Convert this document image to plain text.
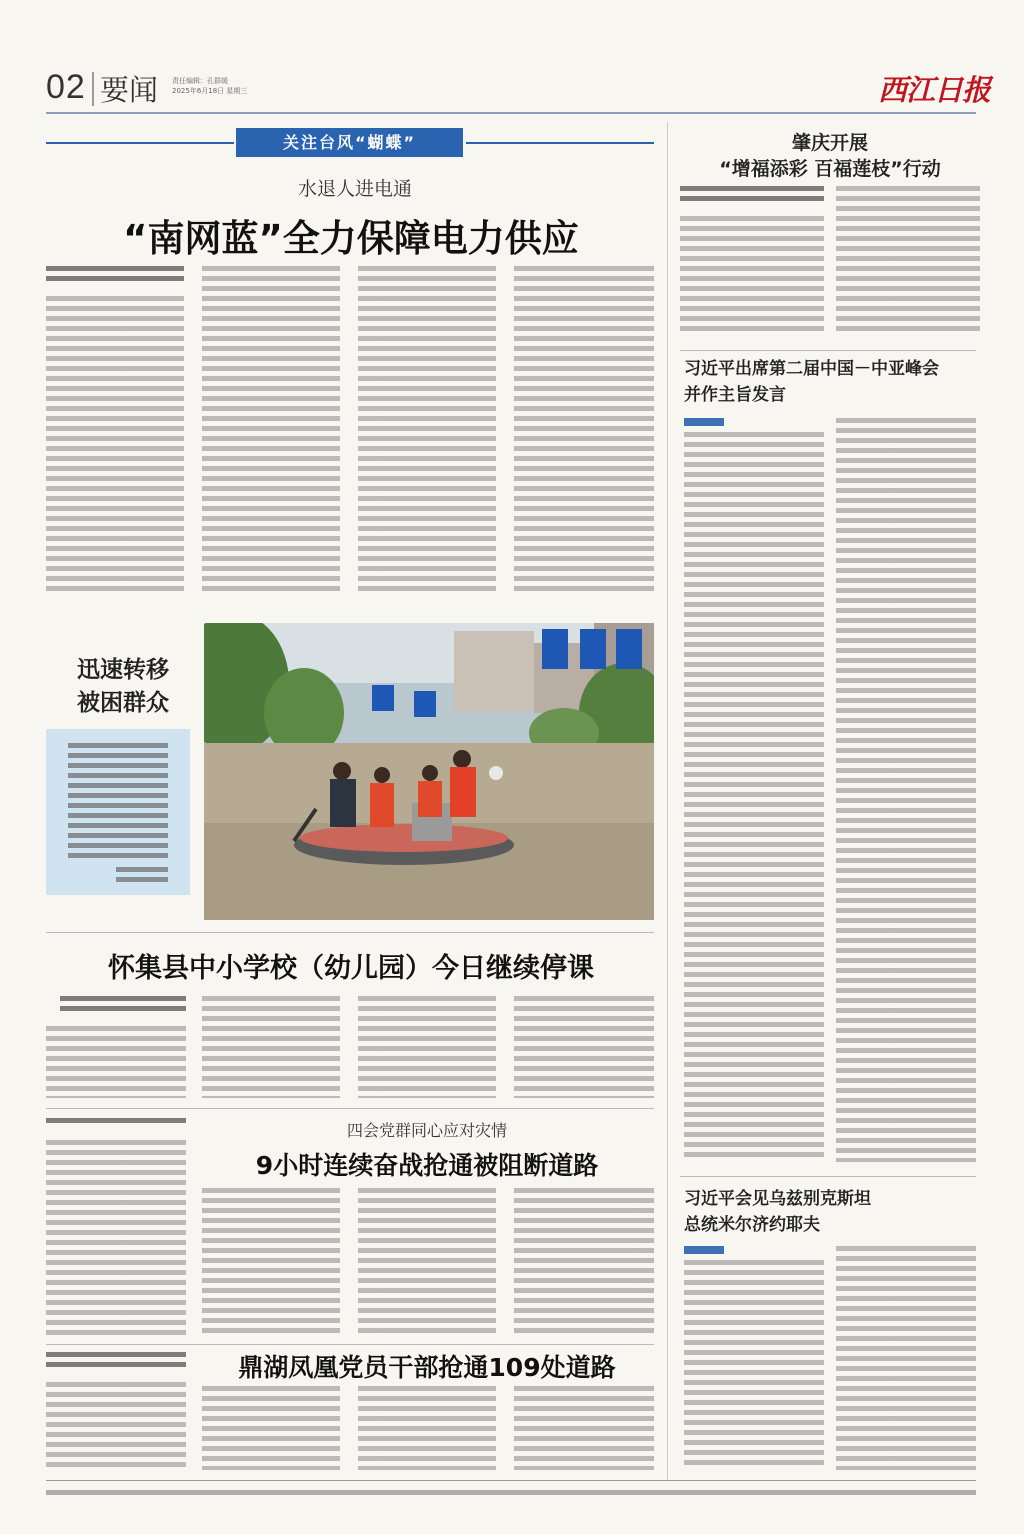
02 要闻 责任编辑：孔群媛
2025年6月18日 星期三	西江日报
关注台风“蝴蝶”
水退人进电通
“南网蓝”全力保障电力供应
迅速转移
被困群众
怀集县中小学校（幼儿园）今日继续停课
四会党群同心应对灾情
9小时连续奋战抢通被阻断道路
鼎湖凤凰党员干部抢通109处道路
肇庆开展
“增福添彩 百福莲枝”行动
习近平出席第二届中国－中亚峰会
并作主旨发言
习近平会见乌兹别克斯坦
总统米尔济约耶夫
